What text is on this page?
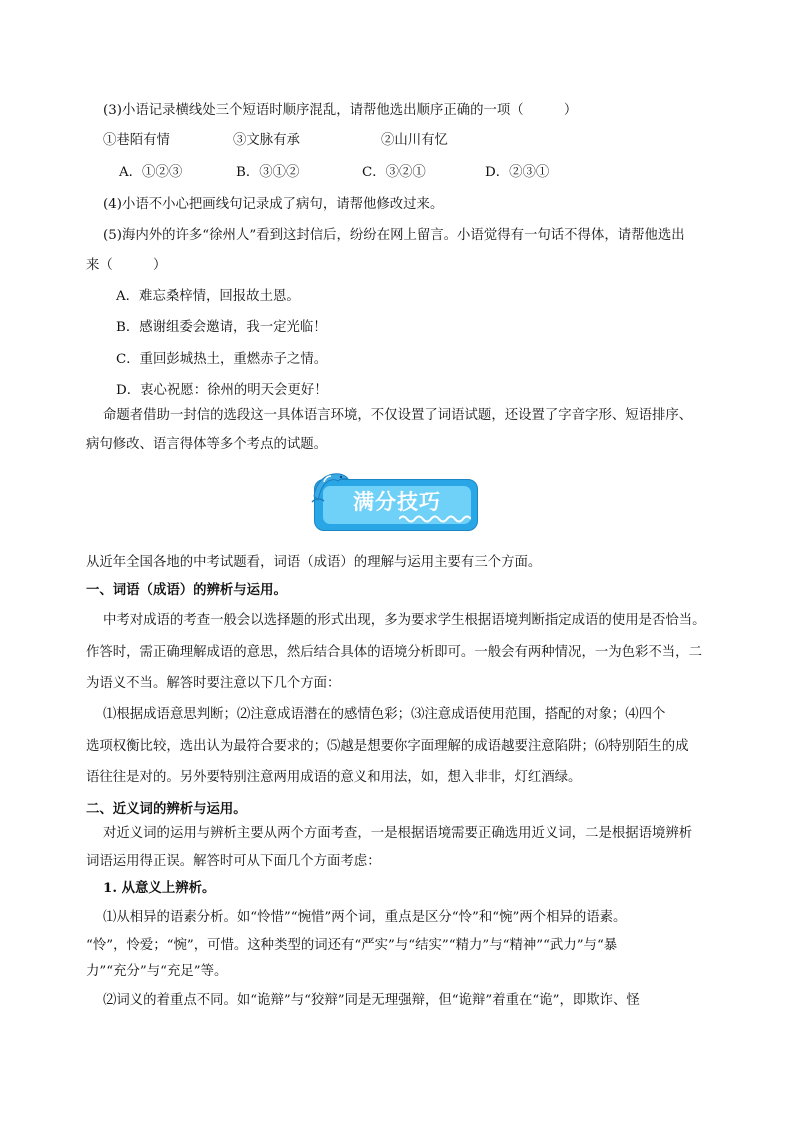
(3)小语记录横线处三个短语时顺序混乱，请帮他选出顺序正确的一项（　　　）
①巷陌有情	③文脉有承	②山川有忆
A．①②③	B．③①②	C．③②①	D．②③①
(4)小语不小心把画线句记录成了病句，请帮他修改过来。
(5)海内外的许多“徐州人”看到这封信后，纷纷在网上留言。小语觉得有一句话不得体，请帮他选出
来（　　　）
A．难忘桑梓情，回报故土恩。
B．感谢组委会邀请，我一定光临！
C．重回彭城热土，重燃赤子之情。
D．衷心祝愿：徐州的明天会更好！
命题者借助一封信的选段这一具体语言环境，不仅设置了词语试题，还设置了字音字形、短语排序、
病句修改、语言得体等多个考点的试题。
满分技巧
从近年全国各地的中考试题看，词语（成语）的理解与运用主要有三个方面。
一、词语（成语）的辨析与运用。
中考对成语的考查一般会以选择题的形式出现，多为要求学生根据语境判断指定成语的使用是否恰当。
作答时，需正确理解成语的意思，然后结合具体的语境分析即可。一般会有两种情况，一为色彩不当，二
为语义不当。解答时要注意以下几个方面：
⑴根据成语意思判断；⑵注意成语潜在的感情色彩；⑶注意成语使用范围，搭配的对象；⑷四个
选项权衡比较，选出认为最符合要求的；⑸越是想要你字面理解的成语越要注意陷阱；⑹特别陌生的成
语往往是对的。另外要特别注意两用成语的意义和用法，如，想入非非，灯红酒绿。
二、近义词的辨析与运用。
对近义词的运用与辨析主要从两个方面考查，一是根据语境需要正确选用近义词，二是根据语境辨析
词语运用得正误。解答时可从下面几个方面考虑：
1. 从意义上辨析。
⑴从相异的语素分析。如“怜惜”“惋惜”两个词，重点是区分“怜”和“惋”两个相异的语素。
“怜”，怜爱；“惋”，可惜。这种类型的词还有“严实”与“结实”“精力”与“精神”“武力”与“暴
力”“充分”与“充足”等。
⑵词义的着重点不同。如“诡辩”与“狡辩”同是无理强辩，但“诡辩”着重在“诡”，即欺诈、怪
